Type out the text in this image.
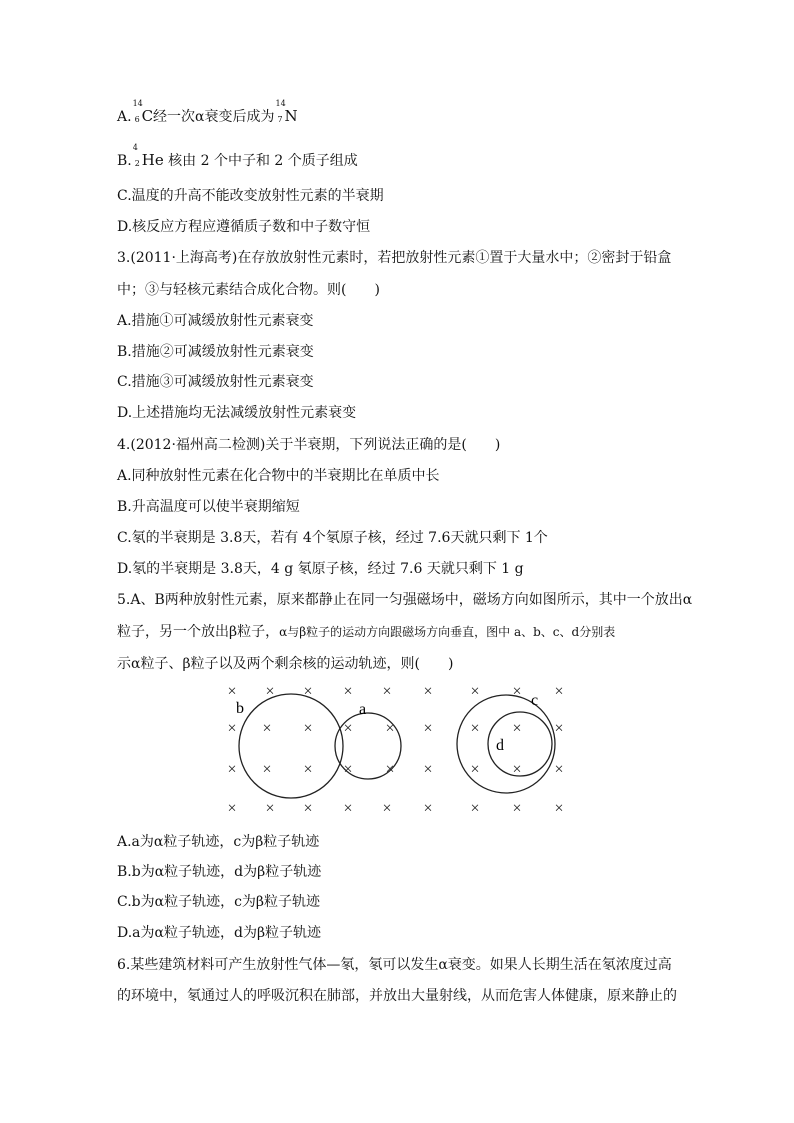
A.
14
6 C经一次α衰变后成为
14
7 N
B.
4
2 He 核由 2 个中子和 2 个质子组成
C.温度的升高不能改变放射性元素的半衰期
D.核反应方程应遵循质子数和中子数守恒
3.(2011·上海高考)在存放放射性元素时，若把放射性元素①置于大量水中；②密封于铅盒
中；③与轻核元素结合成化合物。则(　　)
A.措施①可减缓放射性元素衰变
B.措施②可减缓放射性元素衰变
C.措施③可减缓放射性元素衰变
D.上述措施均无法减缓放射性元素衰变
4.(2012·福州高二检测)关于半衰期，下列说法正确的是(　　)
A.同种放射性元素在化合物中的半衰期比在单质中长
B.升高温度可以使半衰期缩短
C.氡的半衰期是 3.8天，若有 4个氡原子核，经过 7.6天就只剩下 1个
D.氡的半衰期是 3.8天，4 g 氡原子核，经过 7.6 天就只剩下 1 g
5.A、B两种放射性元素，原来都静止在同一匀强磁场中，磁场方向如图所示，其中一个放出α
粒子，另一个放出β粒子，α与β粒子的运动方向跟磁场方向垂直，图中 a、b、c、d分别表
示α粒子、β粒子以及两个剩余核的运动轨迹，则(　　)
× × × × × × × × ×
× × × × × × × × ×
× × × × × × × × ×
× × × × × × × × ×
b	a
c
d
A.a为α粒子轨迹，c为β粒子轨迹
B.b为α粒子轨迹，d为β粒子轨迹
C.b为α粒子轨迹，c为β粒子轨迹
D.a为α粒子轨迹，d为β粒子轨迹
6.某些建筑材料可产生放射性气体—氡，氡可以发生α衰变。如果人长期生活在氡浓度过高
的环境中，氡通过人的呼吸沉积在肺部，并放出大量射线，从而危害人体健康，原来静止的
